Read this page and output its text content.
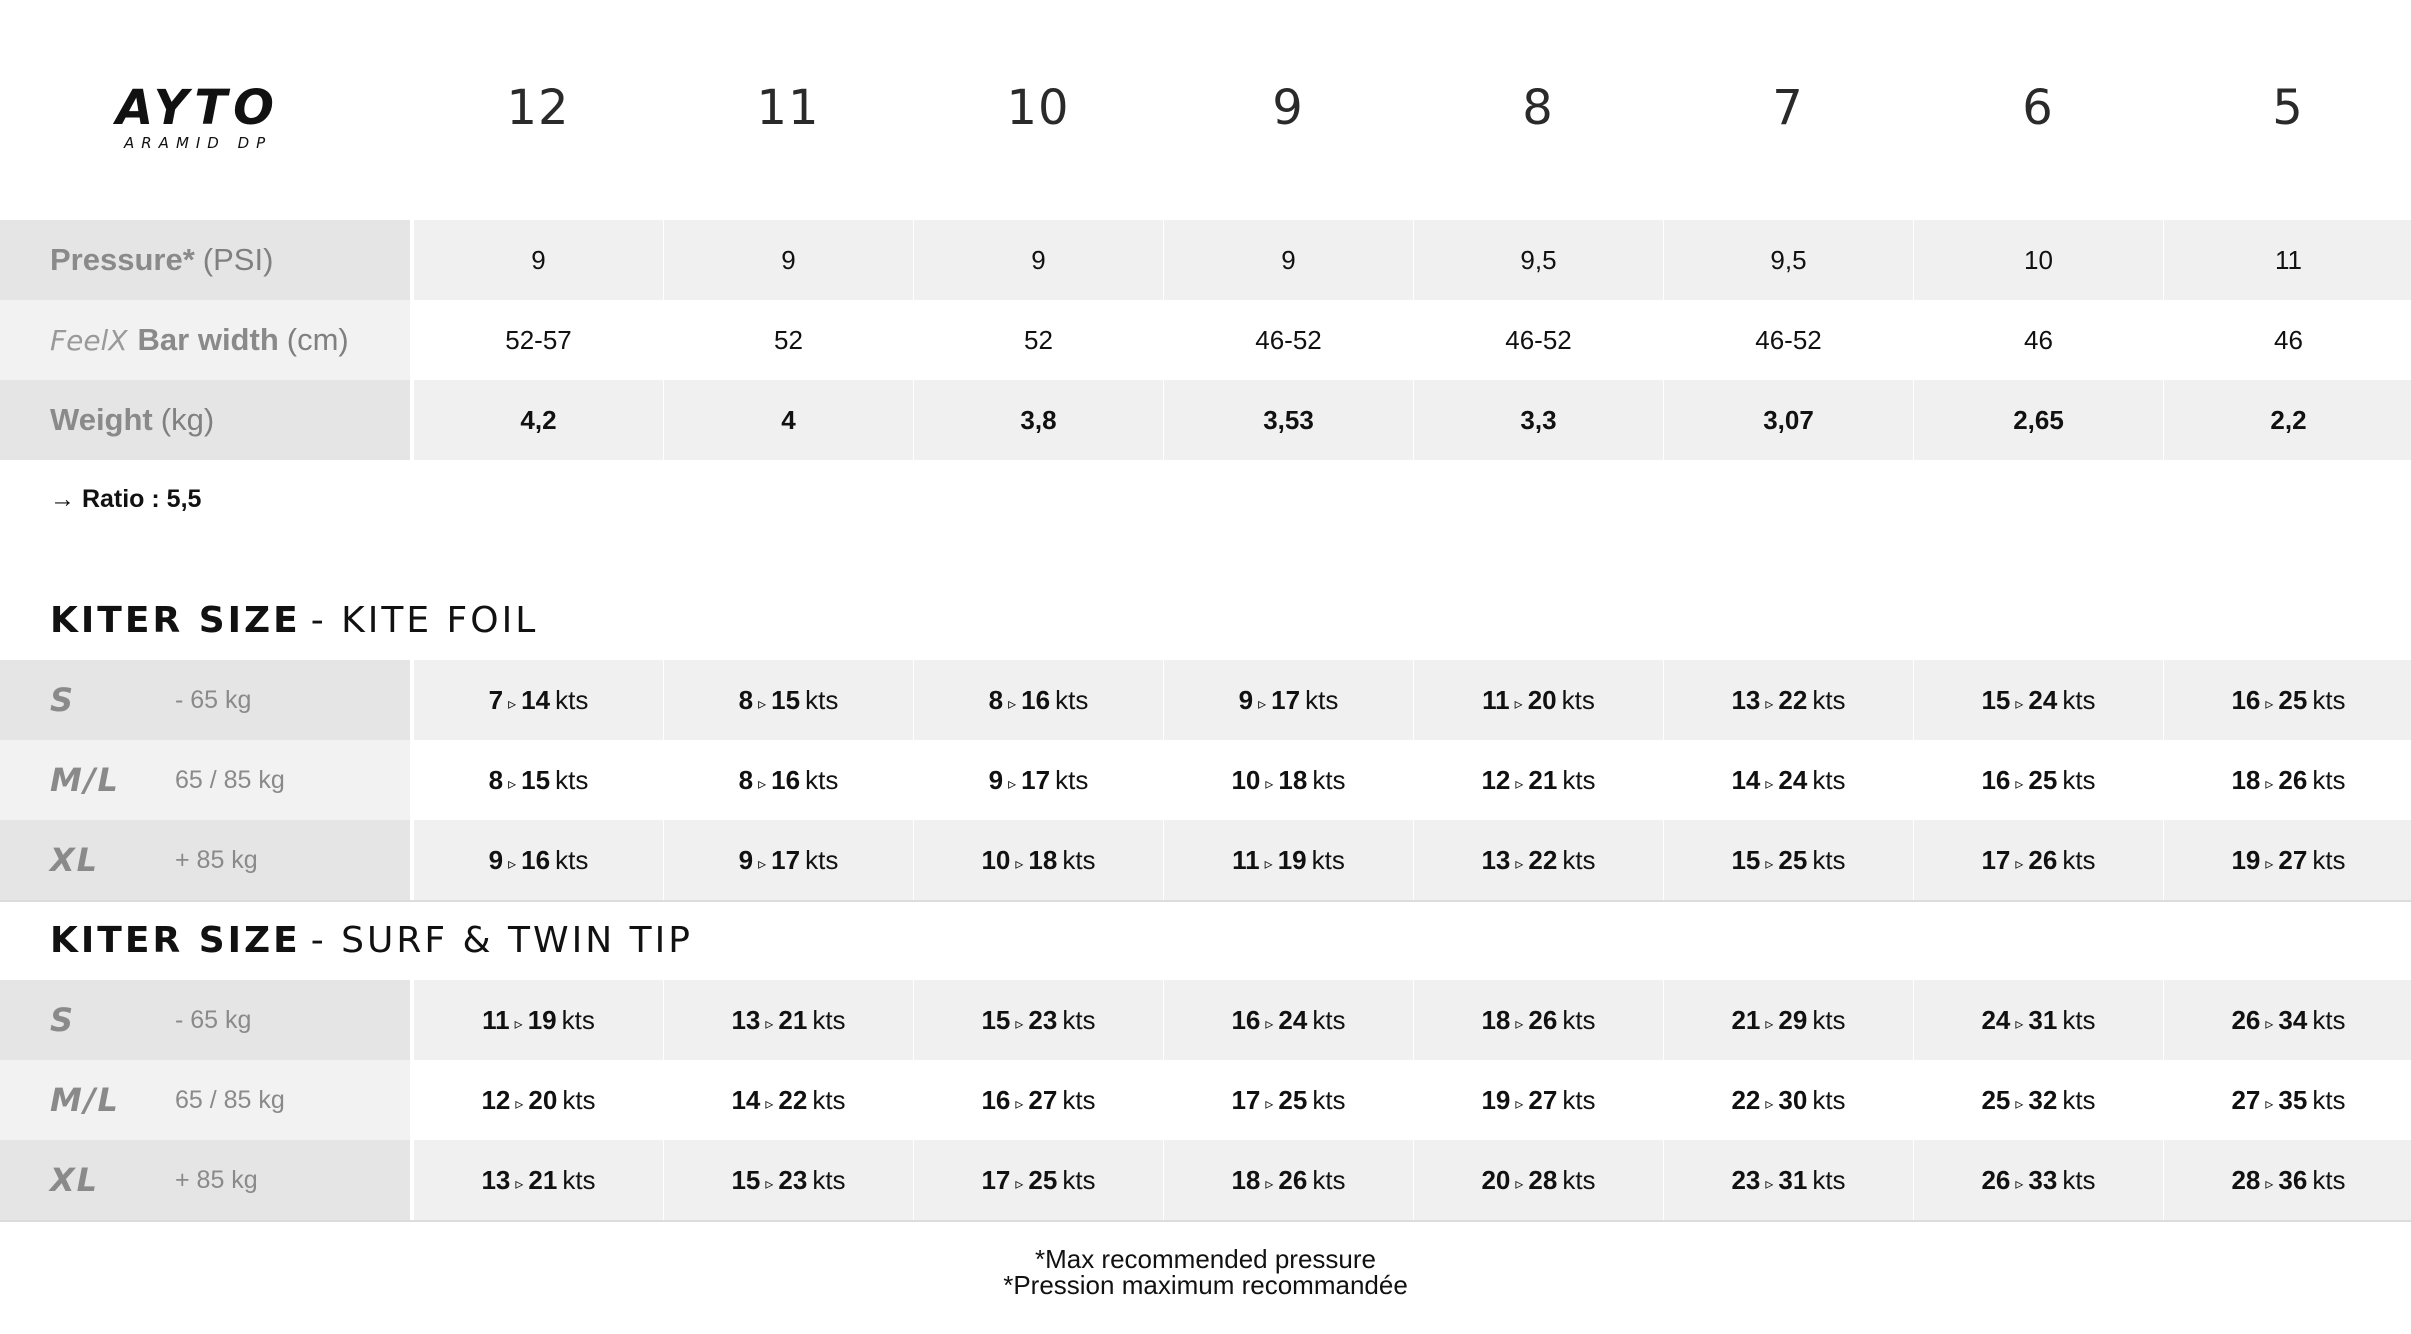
AYTO
ARAMID DP
12	11	10	9	8	7	6	5
Pressure* (PSI)	9	9	9	9	9,5	9,5	10	11
FeelX Bar width (cm)	52-57	52	52	46-52	46-52	46-52	46	46
Weight (kg)	4,2	4	3,8	3,53	3,3	3,07	2,65	2,2
→ Ratio : 5,5
KITER SIZE - KITE FOIL
S	- 65 kg	7 ▹ 14 kts	8 ▹ 15 kts	8 ▹ 16 kts	9 ▹ 17 kts	11 ▹ 20 kts	13 ▹ 22 kts	15 ▹ 24 kts	16 ▹ 25 kts
M/L 65 / 85 kg	8 ▹ 15 kts	8 ▹ 16 kts	9 ▹ 17 kts	10 ▹ 18 kts	12 ▹ 21 kts	14 ▹ 24 kts	16 ▹ 25 kts	18 ▹ 26 kts
XL	+ 85 kg	9 ▹ 16 kts	9 ▹ 17 kts	10 ▹ 18 kts	11 ▹ 19 kts	13 ▹ 22 kts	15 ▹ 25 kts	17 ▹ 26 kts	19 ▹ 27 kts
KITER SIZE - SURF & TWIN TIP
S	- 65 kg	11 ▹ 19 kts	13 ▹ 21 kts	15 ▹ 23 kts	16 ▹ 24 kts	18 ▹ 26 kts	21 ▹ 29 kts	24 ▹ 31 kts	26 ▹ 34 kts
M/L 65 / 85 kg	12 ▹ 20 kts	14 ▹ 22 kts	16 ▹ 27 kts	17 ▹ 25 kts	19 ▹ 27 kts	22 ▹ 30 kts	25 ▹ 32 kts	27 ▹ 35 kts
XL	+ 85 kg	13 ▹ 21 kts	15 ▹ 23 kts	17 ▹ 25 kts	18 ▹ 26 kts	20 ▹ 28 kts	23 ▹ 31 kts	26 ▹ 33 kts	28 ▹ 36 kts
*Max recommended pressure
*Pression maximum recommandée
